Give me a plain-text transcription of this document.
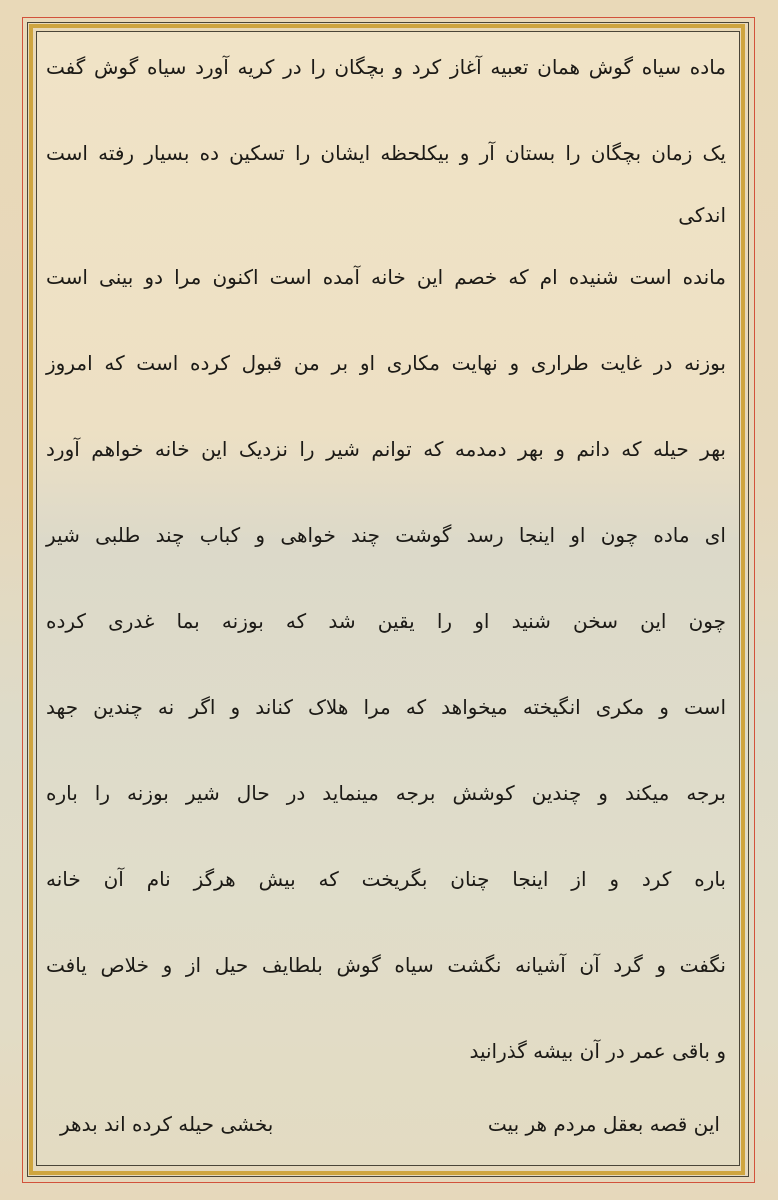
ماده سیاه گوش همان تعبیه آغاز کرد و بچگان را در کریه آورد سیاه گوش گفت
یک زمان بچگان را بستان آر و بیکلحظه ایشان را تسکین ده بسیار رفته است اندکی
مانده است شنیده ام که خصم این خانه آمده است اکنون مرا دو بینی است
بوزنه در غایت طراری و نهایت مکاری او بر من قبول کرده است که امروز
بهر حیله که دانم و بهر دمدمه که توانم شیر را نزدیک این خانه خواهم آورد
ای ماده چون او اینجا رسد گوشت چند خواهی و کباب چند طلبی شیر
چون این سخن شنید او را یقین شد که بوزنه بما غدری کرده
است و مکری انگیخته میخواهد که مرا هلاک کناند و اگر نه چندین جهد
برجه میکند و چندین کوشش برجه مینماید در حال شیر بوزنه را باره
باره کرد و از اینجا چنان بگریخت که بیش هرگز نام آن خانه
نگفت و گرد آن آشیانه نگشت سیاه گوش بلطایف حیل از و خلاص یافت
و باقی عمر در آن بیشه گذرانید
این قصه بعقل مردم هر بیت
بخشی حیله کرده اند بدهر
